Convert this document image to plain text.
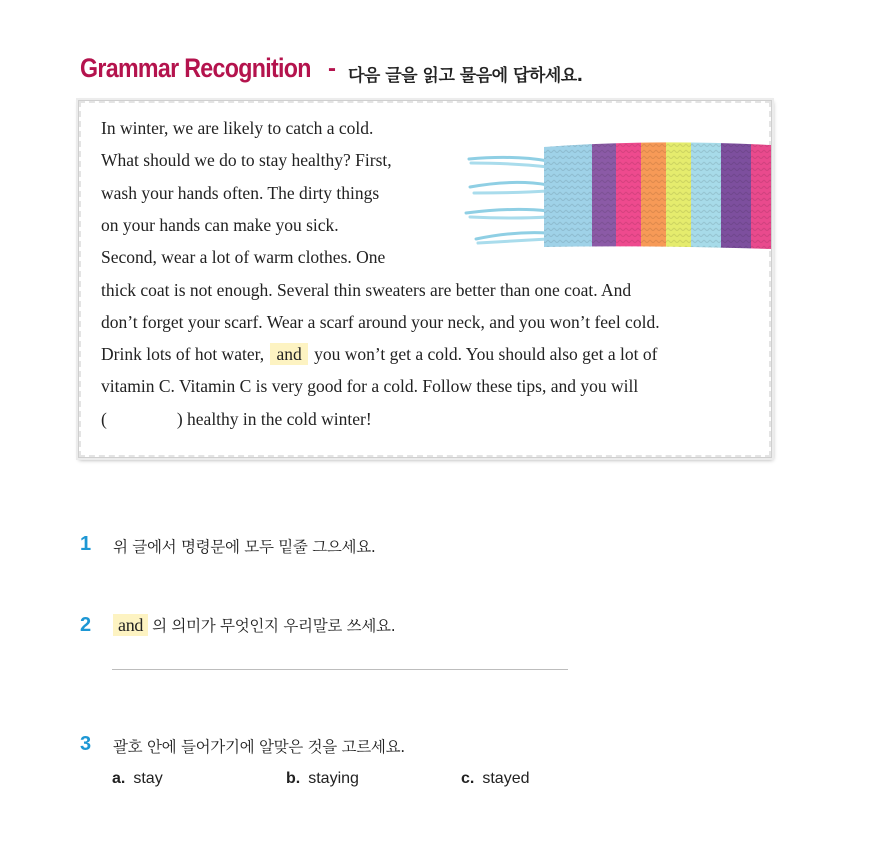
Grammar Recognition - 다음 글을 읽고 물음에 답하세요.
In winter, we are likely to catch a cold.
What should we do to stay healthy? First,
wash your hands often. The dirty things
on your hands can make you sick.
Second, wear a lot of warm clothes. One
thick coat is not enough. Several thin sweaters are better than one coat. And
don’t forget your scarf. Wear a scarf around your neck, and you won’t feel cold.
Drink lots of hot water, and you won’t get a cold. You should also get a lot of
vitamin C. Vitamin C is very good for a cold. Follow these tips, and you will
(	) healthy in the cold winter!
1 위 글에서 명령문에 모두 밑줄 그으세요.
2 and 의 의미가 무엇인지 우리말로 쓰세요.
3 괄호 안에 들어가기에 알맞은 것을 고르세요.
a. stay	b. staying	c. stayed
